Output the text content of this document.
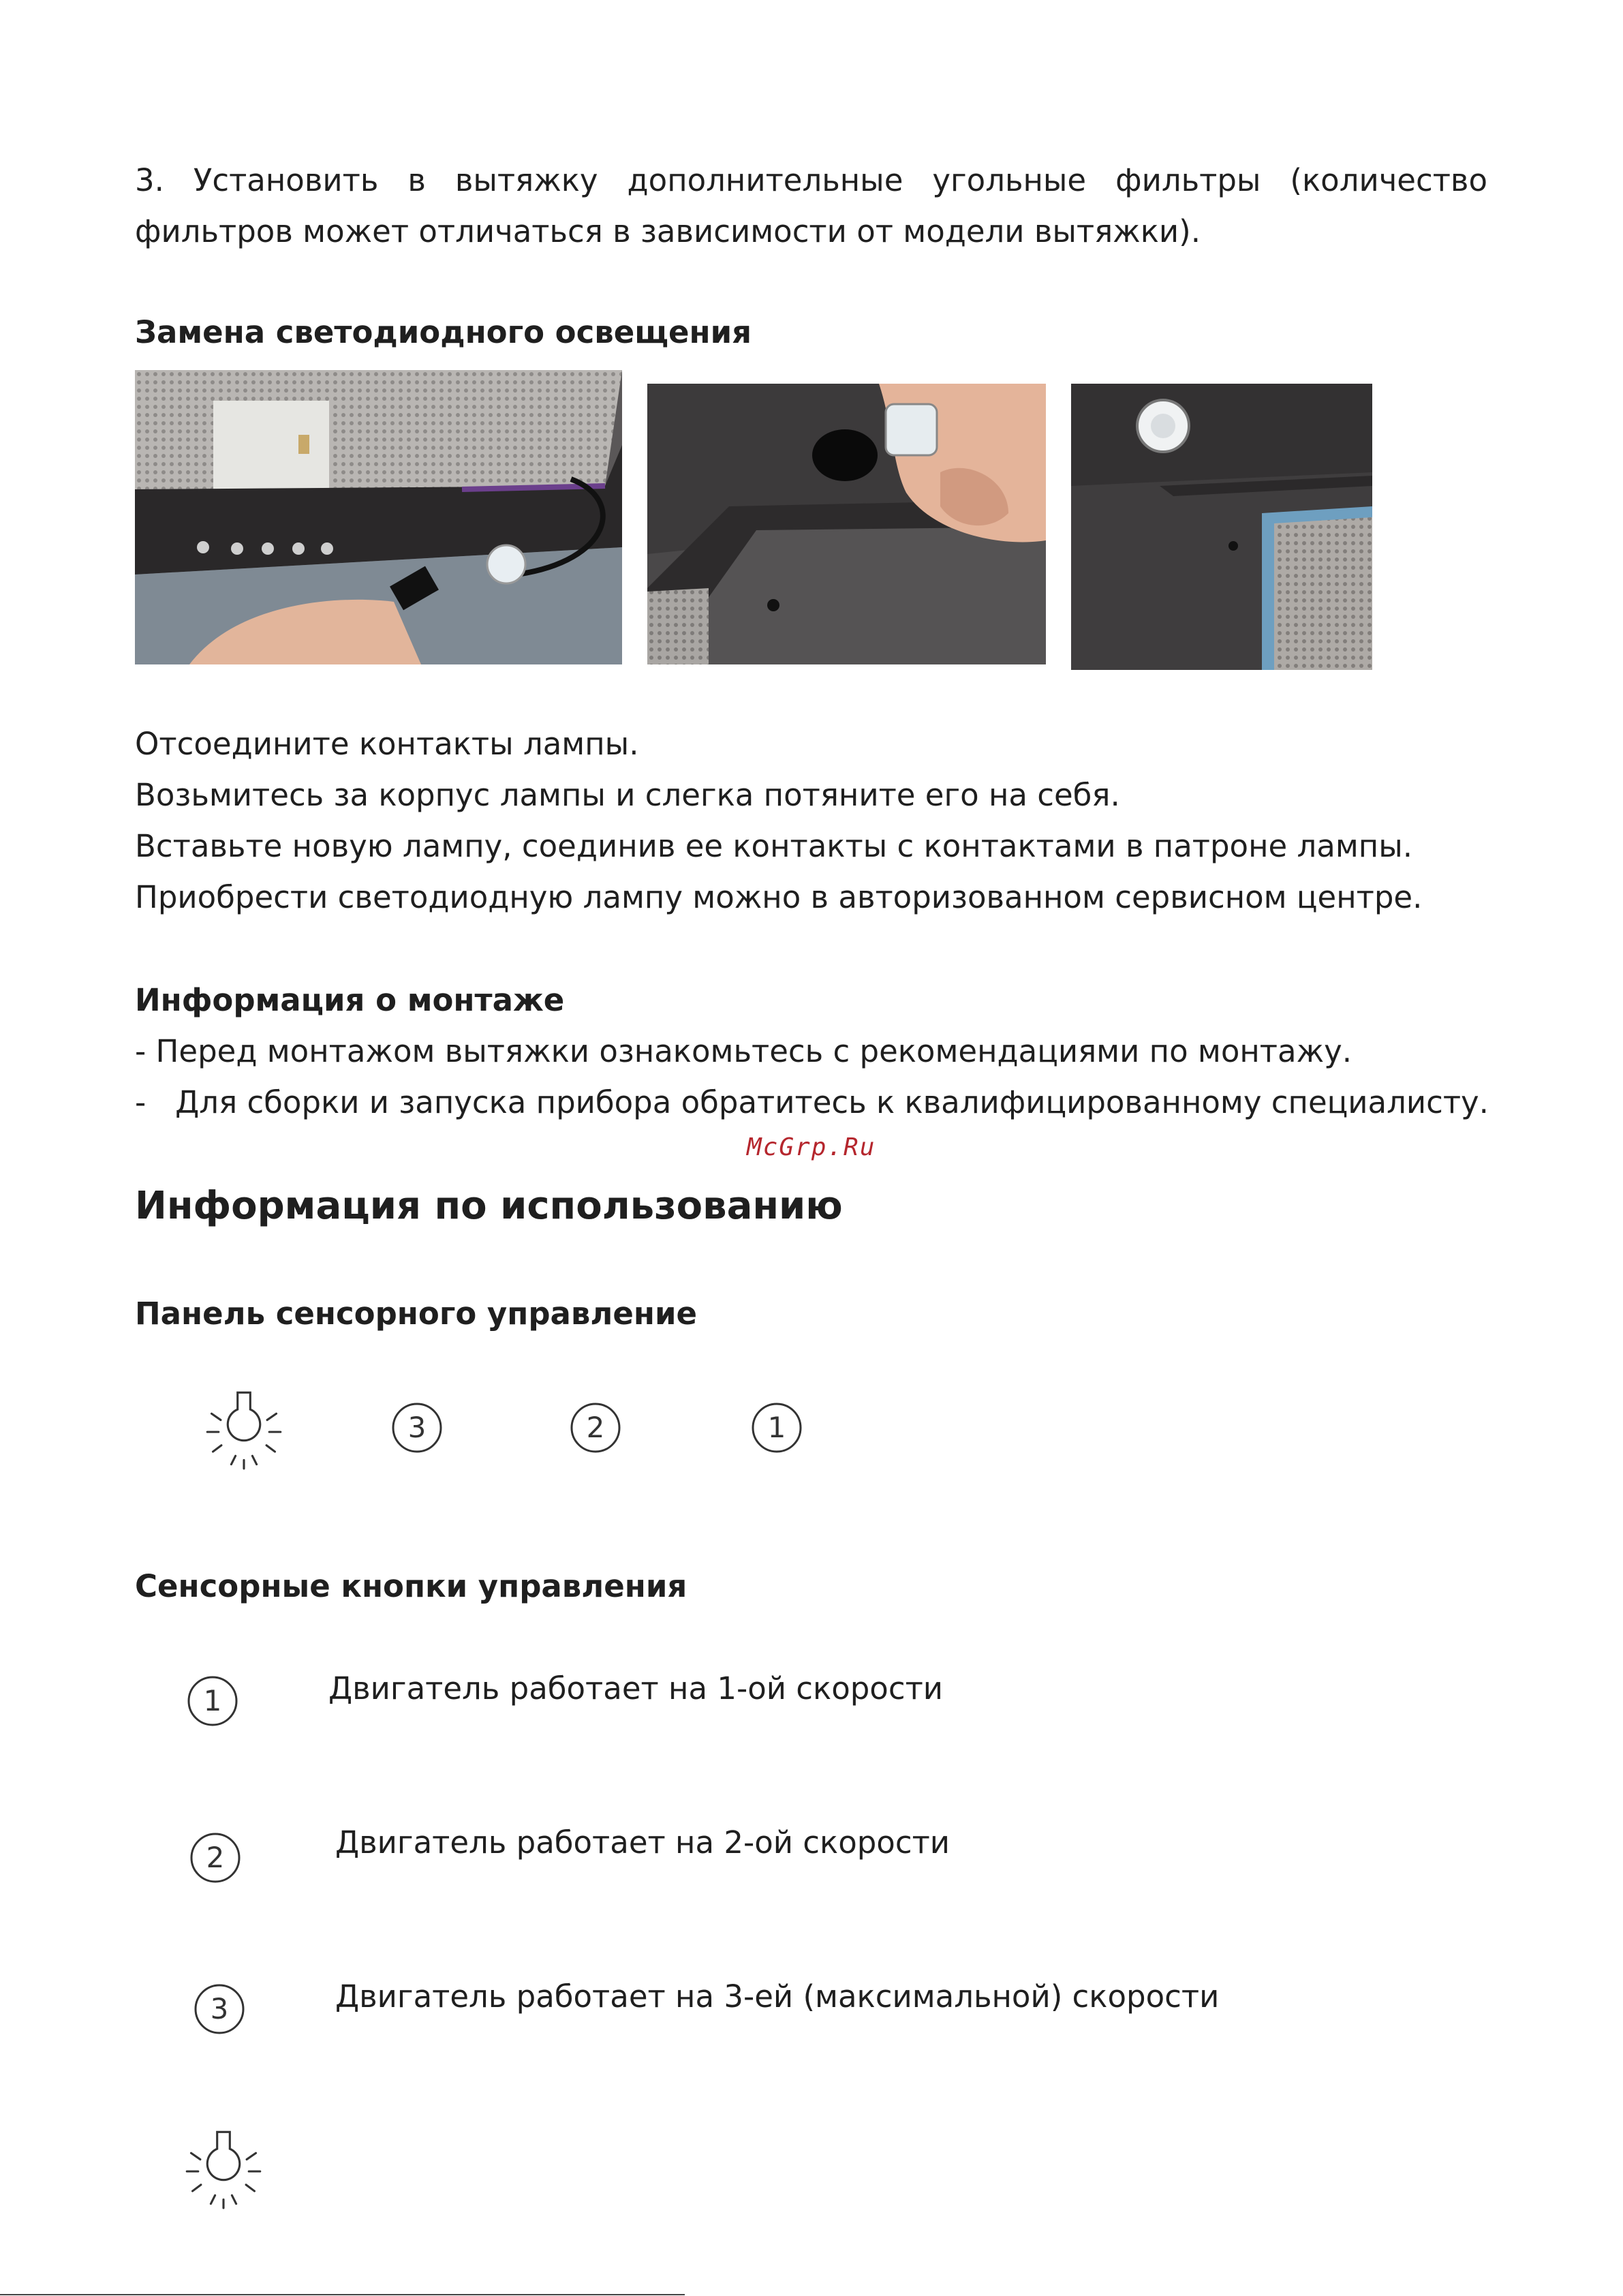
3. Установить в вытяжку дополнительные угольные фильтры (количество фильтров может отличаться в зависимости от модели вытяжки).

Замена светодиодного освещения
Отсоедините контакты лампы.
Возьмитесь за корпус лампы и слегка потяните его на себя.
Вставьте новую лампу, соединив ее контакты с контактами в патроне лампы.
Приобрести светодиодную лампу можно в авторизованном сервисном центре.
Информация о монтаже
- Перед монтажом вытяжки ознакомьтесь с рекомендациями по монтажу.
-   Для сборки и запуска прибора обратитесь к квалифицированному специалисту.
McGrp.Ru
Информация по использованию
Панель сенсорного управление
3	2	1
Сенсорные кнопки управления
1	Двигатель работает на 1-ой скорости
2	Двигатель работает на 2-ой скорости
3	Двигатель работает на 3-ей (максимальной) скорости
